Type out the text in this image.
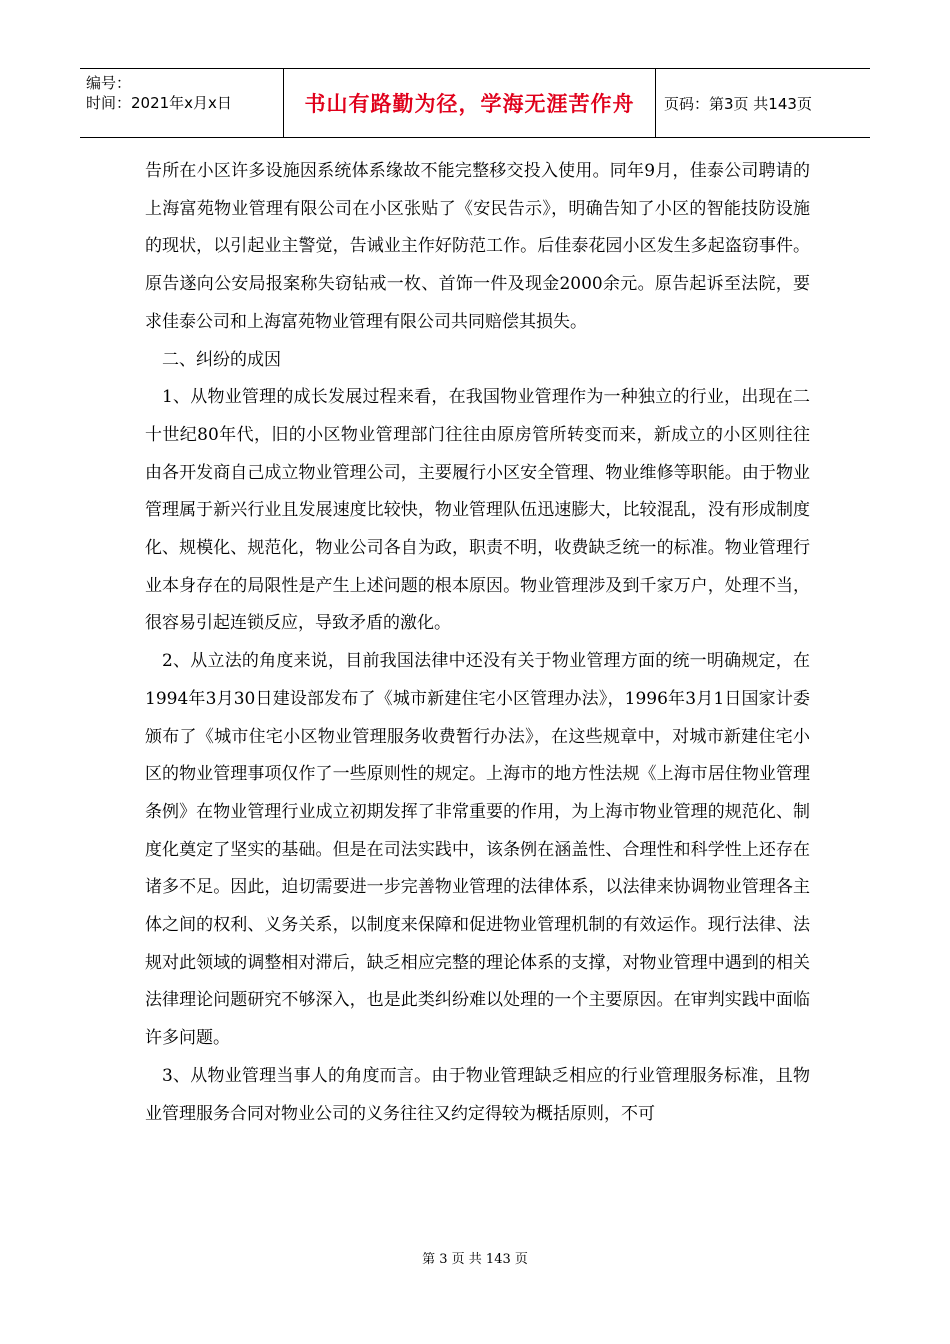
编号：
时间：2021年x月x日	书山有路勤为径，学海无涯苦作舟	页码：第3页 共143页

告所在小区许多设施因系统体系缘故不能完整移交投入使用。同年9月，佳泰公司聘请的上海富苑物业管理有限公司在小区张贴了《安民告示》，明确告知了小区的智能技防设施的现状，以引起业主警觉，告诫业主作好防范工作。后佳泰花园小区发生多起盗窃事件。原告遂向公安局报案称失窃钻戒一枚、首饰一件及现金2000余元。原告起诉至法院，要求佳泰公司和上海富苑物业管理有限公司共同赔偿其损失。

二、纠纷的成因

1、从物业管理的成长发展过程来看，在我国物业管理作为一种独立的行业，出现在二十世纪80年代，旧的小区物业管理部门往往由原房管所转变而来，新成立的小区则往往由各开发商自己成立物业管理公司，主要履行小区安全管理、物业维修等职能。由于物业管理属于新兴行业且发展速度比较快，物业管理队伍迅速膨大，比较混乱，没有形成制度化、规模化、规范化，物业公司各自为政，职责不明，收费缺乏统一的标准。物业管理行业本身存在的局限性是产生上述问题的根本原因。物业管理涉及到千家万户，处理不当，很容易引起连锁反应，导致矛盾的激化。

2、从立法的角度来说，目前我国法律中还没有关于物业管理方面的统一明确规定，在1994年3月30日建设部发布了《城市新建住宅小区管理办法》，1996年3月1日国家计委颁布了《城市住宅小区物业管理服务收费暂行办法》，在这些规章中，对城市新建住宅小区的物业管理事项仅作了一些原则性的规定。上海市的地方性法规《上海市居住物业管理条例》在物业管理行业成立初期发挥了非常重要的作用，为上海市物业管理的规范化、制度化奠定了坚实的基础。但是在司法实践中，该条例在涵盖性、合理性和科学性上还存在诸多不足。因此，迫切需要进一步完善物业管理的法律体系，以法律来协调物业管理各主体之间的权利、义务关系，以制度来保障和促进物业管理机制的有效运作。现行法律、法规对此领域的调整相对滞后，缺乏相应完整的理论体系的支撑，对物业管理中遇到的相关法律理论问题研究不够深入，也是此类纠纷难以处理的一个主要原因。在审判实践中面临许多问题。

3、从物业管理当事人的角度而言。由于物业管理缺乏相应的行业管理服务标准，且物业管理服务合同对物业公司的义务往往又约定得较为概括原则，不可

第 3 页 共 143 页
